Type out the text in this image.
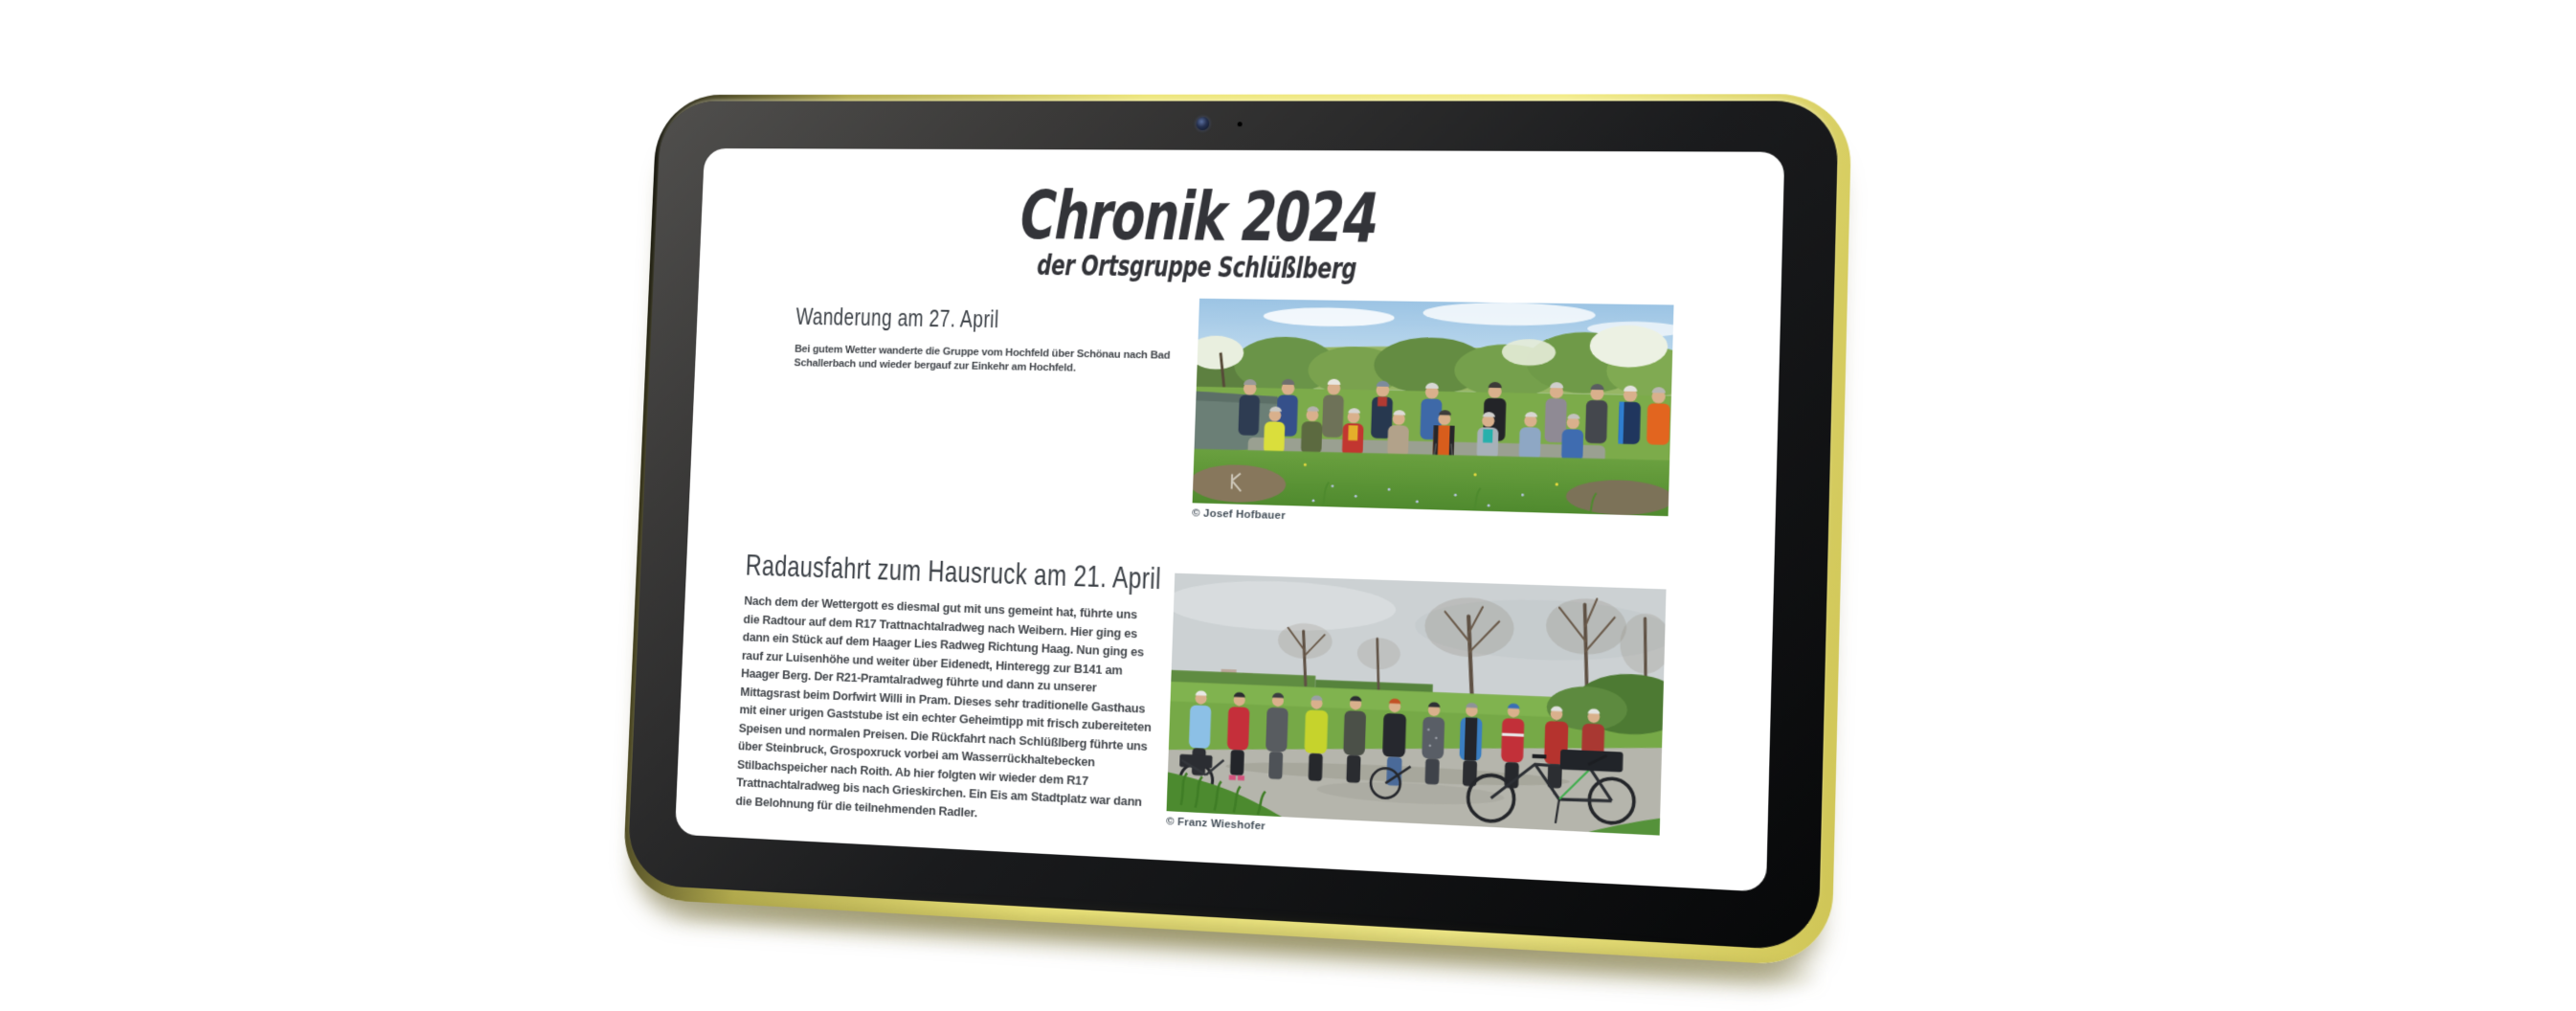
Chronik 2024
der Ortsgruppe Schlüßlberg
Wanderung am 27. April

Bei gutem Wetter wanderte die Gruppe vom Hochfeld über Schönau nach Bad Schallerbach und wieder bergauf zur Einkehr am Hochfeld.

© Josef Hofbauer
Radausfahrt zum Hausruck am 21. April

Nach dem der Wettergott es diesmal gut mit uns gemeint hat, führte uns die Radtour auf dem R17 Trattnachtalradweg nach Weibern. Hier ging es dann ein Stück auf dem Haager Lies Radweg Richtung Haag. Nun ging es rauf zur Luisenhöhe und weiter über Eidenedt, Hinteregg zur B141 am Haager Berg. Der R21-Pramtalradweg führte und dann zu unserer Mittagsrast beim Dorfwirt Willi in Pram. Dieses sehr traditionelle Gasthaus mit einer urigen Gaststube ist ein echter Geheimtipp mit frisch zubereiteten Speisen und normalen Preisen. Die Rückfahrt nach Schlüßlberg führte uns über Steinbruck, Grospoxruck vorbei am Wasserrückhaltebecken Stilbachspeicher nach Roith. Ab hier folgten wir wieder dem R17 Trattnachtalradweg bis nach Grieskirchen. Ein Eis am Stadtplatz war dann die Belohnung für die teilnehmenden Radler.

© Franz Wieshofer
